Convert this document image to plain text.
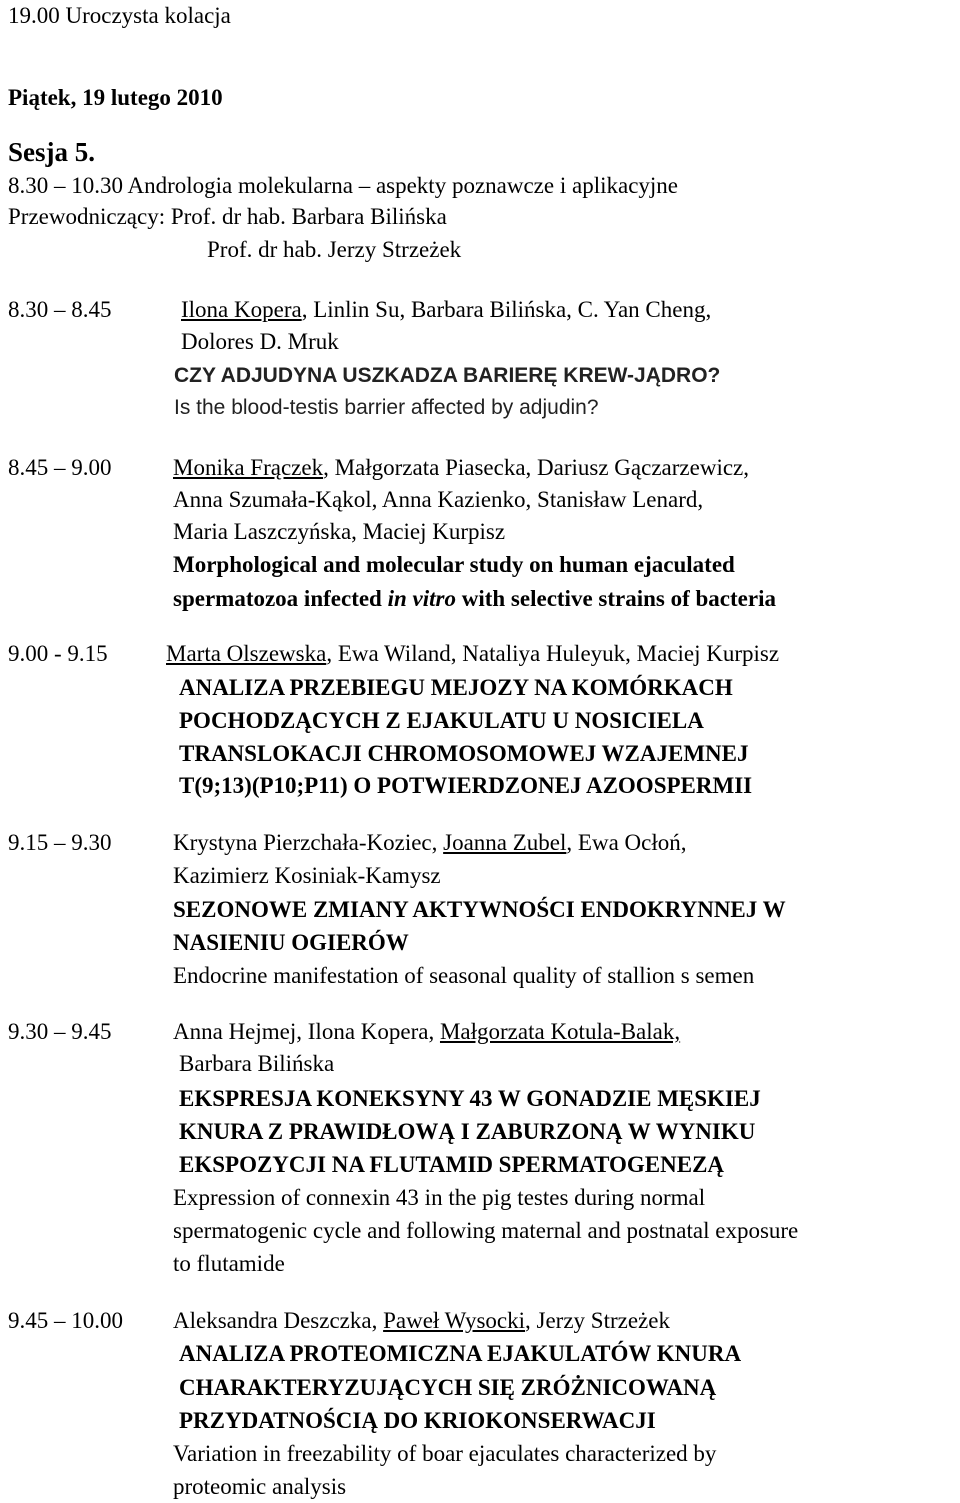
19.00 Uroczysta kolacja
Piątek, 19 lutego 2010
Sesja 5.
8.30 – 10.30 Andrologia molekularna – aspekty poznawcze i aplikacyjne
Przewodniczący: Prof. dr hab. Barbara Bilińska
Prof. dr hab. Jerzy Strzeżek
8.30 – 8.45	Ilona Kopera, Linlin Su, Barbara Bilińska, C. Yan Cheng,
Dolores D. Mruk
CZY ADJUDYNA USZKADZA BARIERĘ KREW-JĄDRO?
Is the blood-testis barrier affected by adjudin?
8.45 – 9.00	Monika Frączek, Małgorzata Piasecka, Dariusz Gączarzewicz,
Anna Szumała-Kąkol, Anna Kazienko, Stanisław Lenard,
Maria Laszczyńska, Maciej Kurpisz
Morphological and molecular study on human ejaculated
spermatozoa infected in vitro with selective strains of bacteria
9.00 - 9.15	Marta Olszewska, Ewa Wiland, Nataliya Huleyuk, Maciej Kurpisz
ANALIZA PRZEBIEGU MEJOZY NA KOMÓRKACH
POCHODZĄCYCH Z EJAKULATU U NOSICIELA
TRANSLOKACJI CHROMOSOMOWEJ WZAJEMNEJ
T(9;13)(P10;P11) O POTWIERDZONEJ AZOOSPERMII
9.15 – 9.30	Krystyna Pierzchała-Koziec, Joanna Zubel, Ewa Ocłoń,
Kazimierz Kosiniak-Kamysz
SEZONOWE ZMIANY AKTYWNOŚCI ENDOKRYNNEJ W
NASIENIU OGIERÓW
Endocrine manifestation of seasonal quality of stallion s semen
9.30 – 9.45	Anna Hejmej, Ilona Kopera, Małgorzata Kotula-Balak,
Barbara Bilińska
EKSPRESJA KONEKSYNY 43 W GONADZIE MĘSKIEJ
KNURA Z PRAWIDŁOWĄ I ZABURZONĄ W WYNIKU
EKSPOZYCJI NA FLUTAMID SPERMATOGENEZĄ
Expression of connexin 43 in the pig testes during normal
spermatogenic cycle and following maternal and postnatal exposure
to flutamide
9.45 – 10.00 Aleksandra Deszczka, Paweł Wysocki, Jerzy Strzeżek
ANALIZA PROTEOMICZNA EJAKULATÓW KNURA
CHARAKTERYZUJĄCYCH SIĘ ZRÓŻNICOWANĄ
PRZYDATNOŚCIĄ DO KRIOKONSERWACJI
Variation in freezability of boar ejaculates characterized by
proteomic analysis
